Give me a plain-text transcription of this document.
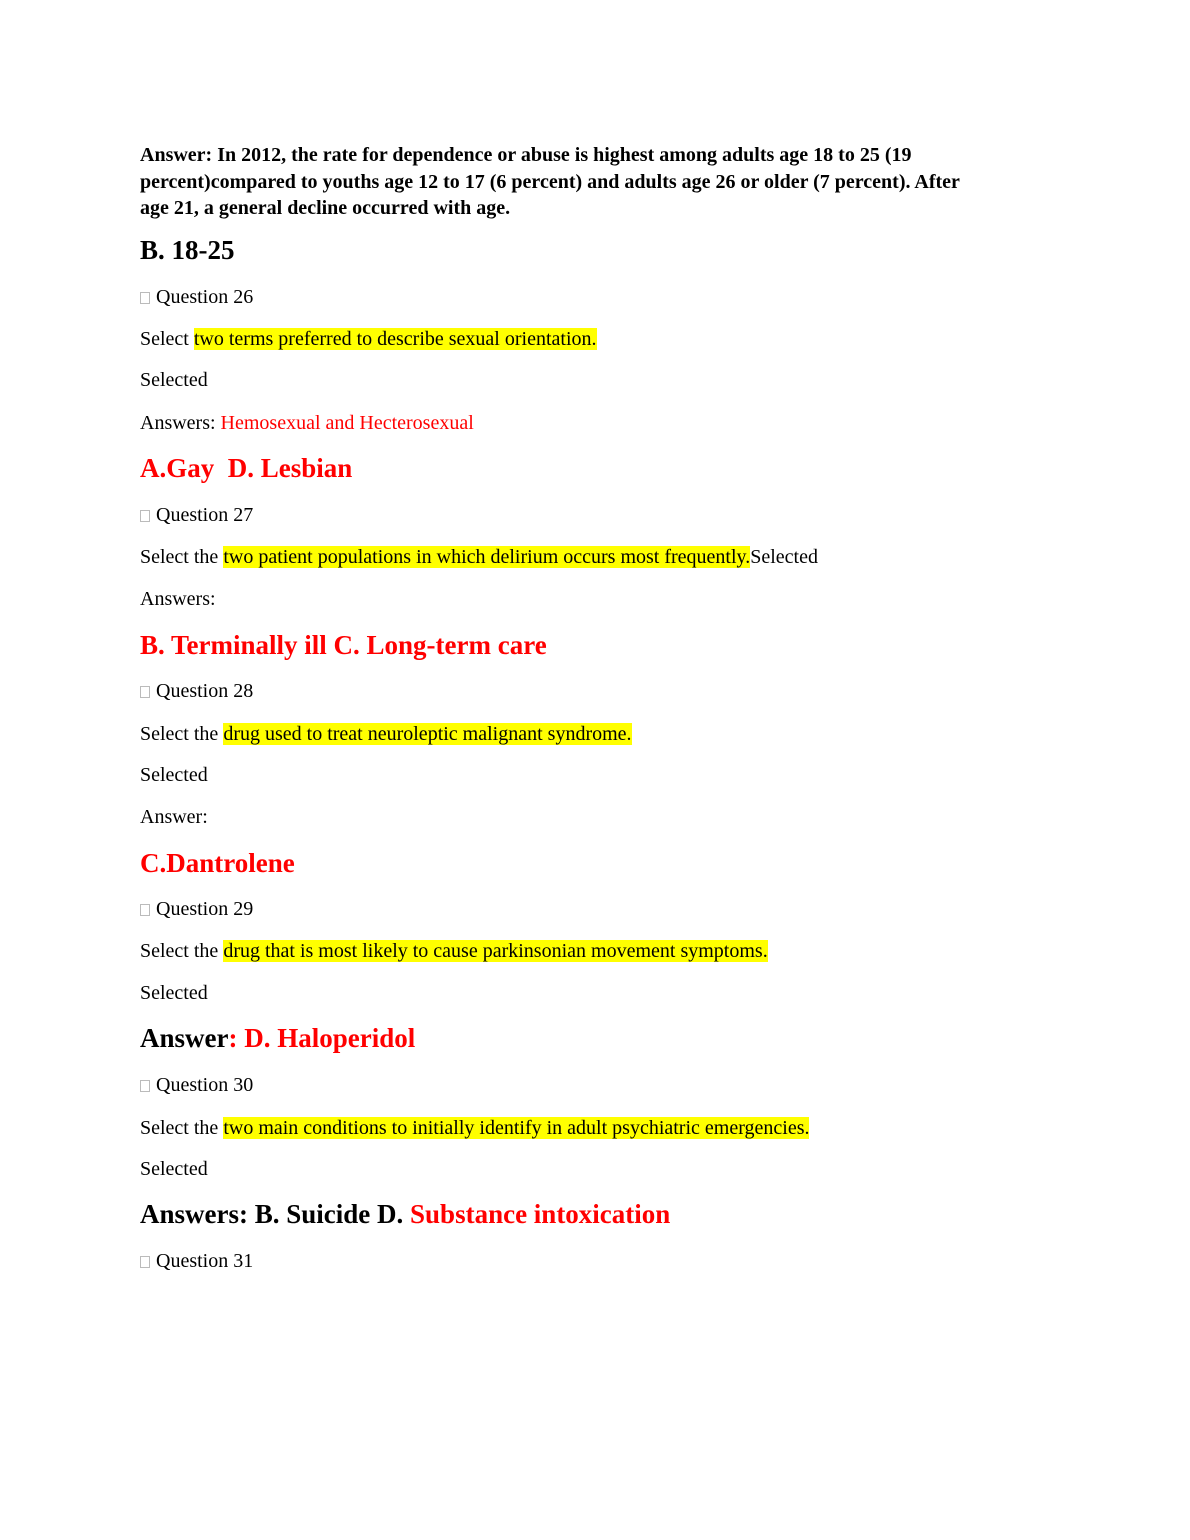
Answer: In 2012, the rate for dependence or abuse is highest among adults age 18 to 25 (19
percent)compared to youths age 12 to 17 (6 percent) and adults age 26 or older (7 percent). After
age 21, a general decline occurred with age.
B. 18-25
Question 26
Select two terms preferred to describe sexual orientation.
Selected
Answers: Hemosexual and Hecterosexual
A.Gay  D. Lesbian
Question 27
Select the two patient populations in which delirium occurs most frequently.Selected
Answers:
B. Terminally ill C. Long-term care
Question 28
Select the drug used to treat neuroleptic malignant syndrome.
Selected
Answer:
C.Dantrolene
Question 29
Select the drug that is most likely to cause parkinsonian movement symptoms.
Selected
Answer: D. Haloperidol
Question 30
Select the two main conditions to initially identify in adult psychiatric emergencies.
Selected
Answers: B. Suicide D. Substance intoxication
Question 31
